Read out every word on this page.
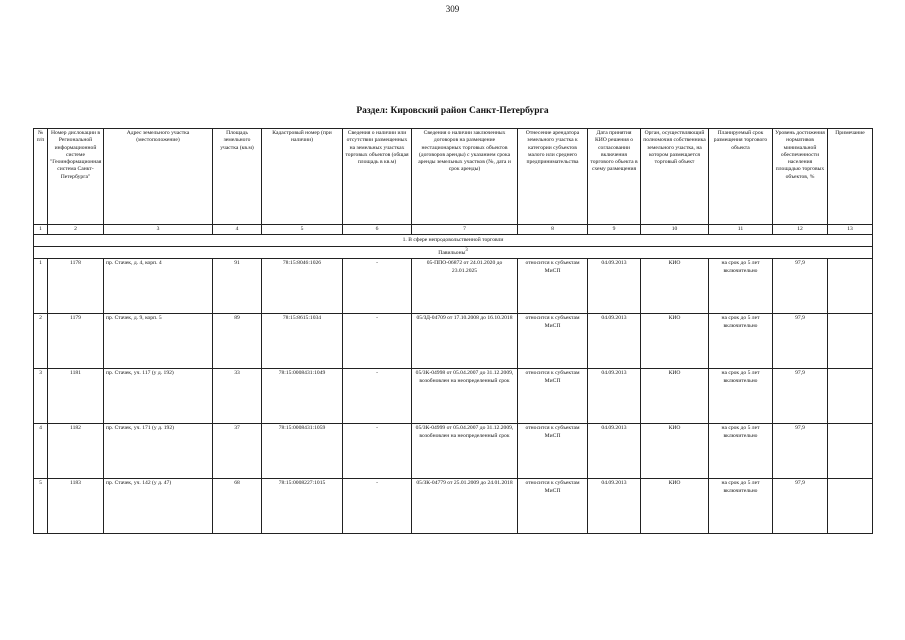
309
Раздел: Кировский район Санкт-Петербурга
№ п/п	Номер дислокации в Региональной информационной системе "Геоинформационная система Санкт-Петербурга"	Адрес земельного участка (местоположение)	Площадь земельного участка (кв.м)	Кадастровый номер (при наличии)	Сведения о наличии или отсутствии размещенных на земельных участках торговых объектов (общая площадь в кв.м)	Сведения о наличии заключенных договоров на размещение нестационарных торговых объектов (договоров аренды) с указанием срока аренды земельных участков (№, дата и срок аренды)	Отнесение арендатора земельного участка к категории субъектов малого или среднего предпринимательства	Дата принятия КИО решения о согласовании включения торгового объекта в схему размещения	Орган, осуществляющий полномочия собственника земельного участка, на котором размещается торговый объект	Планируемый срок размещения торгового объекта	Уровень достижения нормативов минимальной обеспеченности населения площадью торговых объектов, %	Примечание
1	2	3	4	5	6	7	8	9	10	11	12	13
1. В сфере непродовольственной торговли												
Павильоны$^3$
1	1178	пр. Стачек, д. 4, корп. 4	91	78:15:8046:1026	-	05-ППО-06872 от 24.01.2020 до 23.01.2025	относится к субъектам МиСП	04.09.2013	КИО	на срок до 5 лет включительно	97,9	
2	1179	пр. Стачек, д. 9, корп. 5	89	78:15:8615:1034	-	05/ЗД-04709 от 17.10.2008 до 16.10.2018	относится к субъектам МиСП	04.09.2013	КИО	на срок до 5 лет включительно	97,9	
3	1181	пр. Стачек, уч. 117 (у д. 192)	33	78:15:0008431:1049	-	05/ЗК-04998 от 05.04.2007 до 31.12.2009, возобновлен на неопределенный срок	относится к субъектам МиСП	04.09.2013	КИО	на срок до 5 лет включительно	97,9	
4	1182	пр. Стачек, уч. 171 (у д. 192)	37	78:15:0008431:1059	-	05/ЗК-04999 от 05.04.2007 до 31.12.2009, возобновлен на неопределенный срок	относится к субъектам МиСП	04.09.2013	КИО	на срок до 5 лет включительно	97,9	
5	1183	пр. Стачек, уч. 142 (у д. 47)	68	78:15:0008227:1015	-	05/ЗК-04779 от 25.01.2009 до 24.01.2018	относится к субъектам МиСП	04.09.2013	КИО	на срок до 5 лет включительно	97,9	
